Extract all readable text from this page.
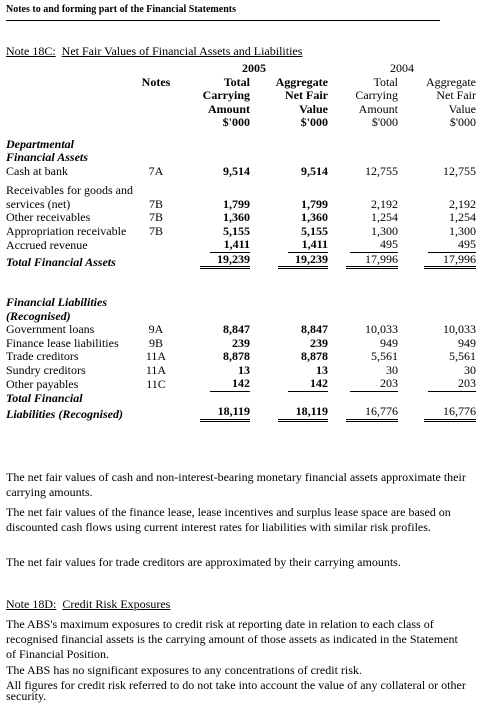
Notes to and forming part of the Financial Statements
Note 18C: Net Fair Values of Financial Assets and Liabilities
		2005		2004	
	Notes	Total	Aggregate	Total	Aggregate
		Carrying	Net Fair	Carrying	Net Fair
		Amount	Value	Amount	Value
		$'000	$'000	$'000	$'000

Departmental					
Financial Assets					
Cash at bank	7A	9,514	9,514	12,755	12,755

Receivables for goods and					
services (net)	7B	1,799	1,799	2,192	2,192
Other receivables	7B	1,360	1,360	1,254	1,254
Appropriation receivable	7B	5,155	5,155	1,300	1,300
Accrued revenue		1,411	1,411	495	495
Total Financial Assets		19,239	19,239	17,996	17,996

Financial Liabilities					
(Recognised)					
Government loans	9A	8,847	8,847	10,033	10,033
Finance lease liabilities	9B	239	239	949	949
Trade creditors	11A	8,878	8,878	5,561	5,561
Sundry creditors	11A	13	13	30	30
Other payables	11C	142	142	203	203
Total Financial					
Liabilities (Recognised)		18,119	18,119	16,776	16,776
The net fair values of cash and non-interest-bearing monetary financial assets approximate their carrying amounts.
The net fair values of the finance lease, lease incentives and surplus lease space are based on discounted cash flows using current interest rates for liabilities with similar risk profiles.
The net fair values for trade creditors are approximated by their carrying amounts.
Note 18D: Credit Risk Exposures
The ABS's maximum exposures to credit risk at reporting date in relation to each class of recognised financial assets is the carrying amount of those assets as indicated in the Statement of Financial Position.
The ABS has no significant exposures to any concentrations of credit risk.
All figures for credit risk referred to do not take into account the value of any collateral or other security.
